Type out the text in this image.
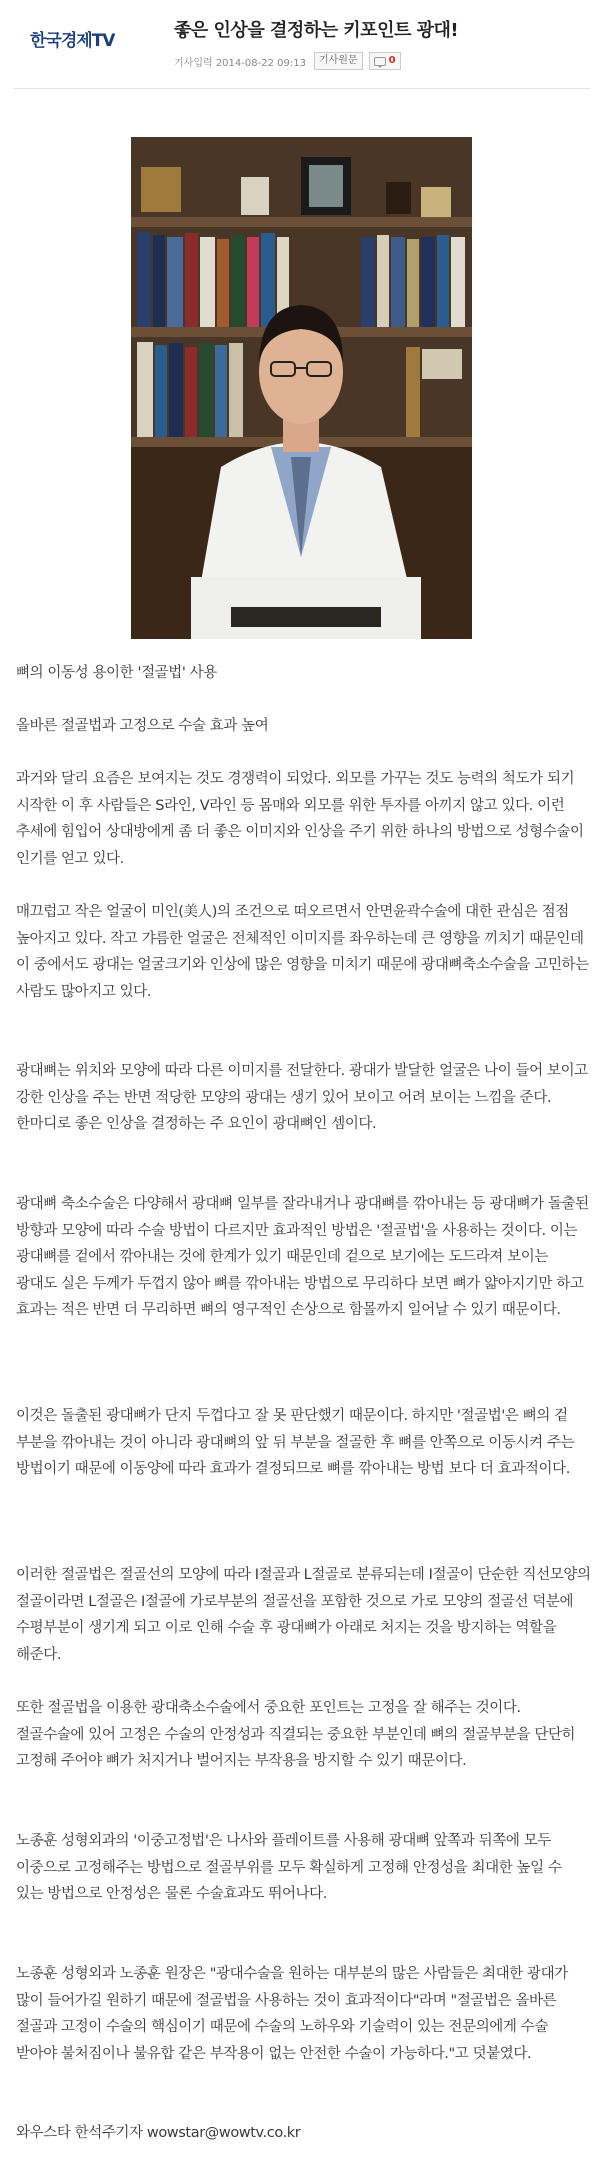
한국경제TV	좋은 인상을 결정하는 키포인트 광대!
기사입력 2014-08-22 09:13	기사원문	0

뼈의 이동성 용이한 '절골법' 사용

올바른 절골법과 고정으로 수술 효과 높여

과거와 달리 요즘은 보여지는 것도 경쟁력이 되었다. 외모를 가꾸는 것도 능력의 척도가 되기 시작한 이 후 사람들은 S라인, V라인 등 몸매와 외모를 위한 투자를 아끼지 않고 있다. 이런 추세에 힘입어 상대방에게 좀 더 좋은 이미지와 인상을 주기 위한 하나의 방법으로 성형수술이 인기를 얻고 있다.

매끄럽고 작은 얼굴이 미인(美人)의 조건으로 떠오르면서 안면윤곽수술에 대한 관심은 점점 높아지고 있다. 작고 갸름한 얼굴은 전체적인 이미지를 좌우하는데 큰 영향을 끼치기 때문인데 이 중에서도 광대는 얼굴크기와 인상에 많은 영향을 미치기 때문에 광대뼈축소수술을 고민하는 사람도 많아지고 있다.

광대뼈는 위치와 모양에 따라 다른 이미지를 전달한다. 광대가 발달한 얼굴은 나이 들어 보이고 강한 인상을 주는 반면 적당한 모양의 광대는 생기 있어 보이고 어려 보이는 느낌을 준다. 한마디로 좋은 인상을 결정하는 주 요인이 광대뼈인 셈이다.

광대뼈 축소수술은 다양해서 광대뼈 일부를 잘라내거나 광대뼈를 깎아내는 등 광대뼈가 돌출된 방향과 모양에 따라 수술 방법이 다르지만 효과적인 방법은 '절골법'을 사용하는 것이다. 이는 광대뼈를 겉에서 깎아내는 것에 한계가 있기 때문인데 겉으로 보기에는 도드라져 보이는 광대도 실은 두께가 두껍지 않아 뼈를 깎아내는 방법으로 무리하다 보면 뼈가 얇아지기만 하고 효과는 적은 반면 더 무리하면 뼈의 영구적인 손상으로 함몰까지 일어날 수 있기 때문이다.

이것은 돌출된 광대뼈가 단지 두껍다고 잘 못 판단했기 때문이다. 하지만 '절골법'은 뼈의 겉 부분을 깎아내는 것이 아니라 광대뼈의 앞 뒤 부분을 절골한 후 뼈를 안쪽으로 이동시켜 주는 방법이기 때문에 이동양에 따라 효과가 결정되므로 뼈를 깎아내는 방법 보다 더 효과적이다.

이러한 절골법은 절골선의 모양에 따라 I절골과 L절골로 분류되는데 I절골이 단순한 직선모양의 절골이라면 L절골은 I절골에 가로부분의 절골선을 포함한 것으로 가로 모양의 절골선 덕분에 수평부분이 생기게 되고 이로 인해 수술 후 광대뼈가 아래로 처지는 것을 방지하는 역할을 해준다.

또한 절골법을 이용한 광대축소수술에서 중요한 포인트는 고정을 잘 해주는 것이다. 절골수술에 있어 고정은 수술의 안정성과 직결되는 중요한 부분인데 뼈의 절골부분을 단단히 고정해 주어야 뼈가 처지거나 벌어지는 부작용을 방지할 수 있기 때문이다.

노종훈 성형외과의 '이중고정법'은 나사와 플레이트를 사용해 광대뼈 앞쪽과 뒤쪽에 모두 이중으로 고정해주는 방법으로 절골부위를 모두 확실하게 고정해 안정성을 최대한 높일 수 있는 방법으로 안정성은 물론 수술효과도 뛰어나다.

노종훈 성형외과 노종훈 원장은 "광대수술을 원하는 대부분의 많은 사람들은 최대한 광대가 많이 들어가길 원하기 때문에 절골법을 사용하는 것이 효과적이다"라며 "절골법은 올바른 절골과 고정이 수술의 핵심이기 때문에 수술의 노하우와 기술력이 있는 전문의에게 수술 받아야 불처짐이나 불유합 같은 부작용이 없는 안전한 수술이 가능하다."고 덧붙였다.

와우스타 한석주기자 wowstar@wowtv.co.kr
